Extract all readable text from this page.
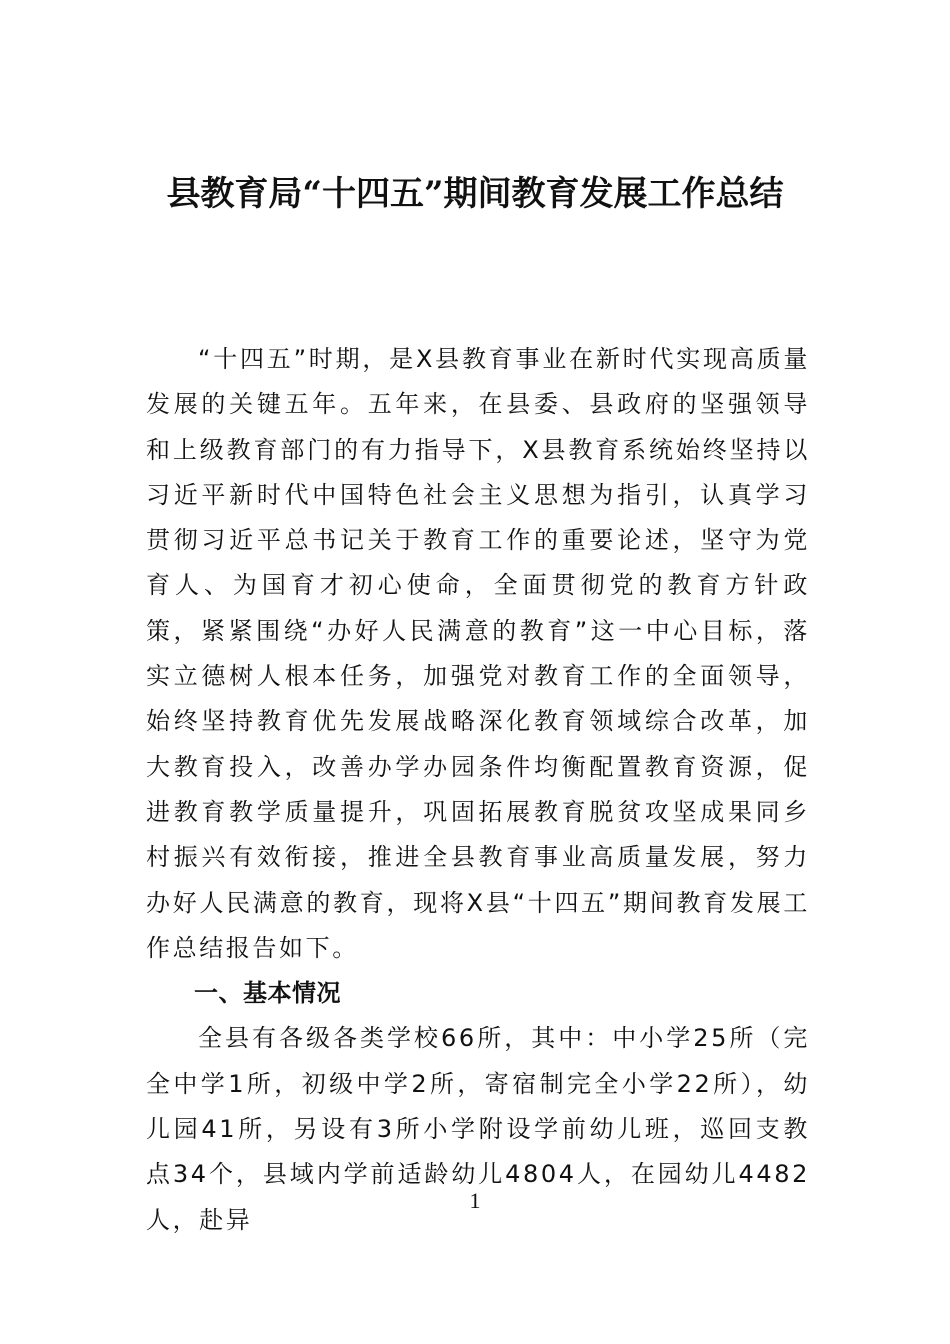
县教育局“十四五”期间教育发展工作总结

“十四五”时期，是X县教育事业在新时代实现高质量发展的关键五年。五年来，在县委、县政府的坚强领导和上级教育部门的有力指导下，X县教育系统始终坚持以习近平新时代中国特色社会主义思想为指引，认真学习贯彻习近平总书记关于教育工作的重要论述，坚守为党育人、为国育才初心使命，全面贯彻党的教育方针政策，紧紧围绕“办好人民满意的教育”这一中心目标，落实立德树人根本任务，加强党对教育工作的全面领导，始终坚持教育优先发展战略深化教育领域综合改革，加大教育投入，改善办学办园条件均衡配置教育资源，促进教育教学质量提升，巩固拓展教育脱贫攻坚成果同乡村振兴有效衔接，推进全县教育事业高质量发展，努力办好人民满意的教育，现将X县“十四五”期间教育发展工作总结报告如下。

一、基本情况

全县有各级各类学校66所，其中：中小学25所（完全中学1所，初级中学2所，寄宿制完全小学22所），幼儿园41所，另设有3所小学附设学前幼儿班，巡回支教点34个，县域内学前适龄幼儿4804人，在园幼儿4482人，赴异

1
